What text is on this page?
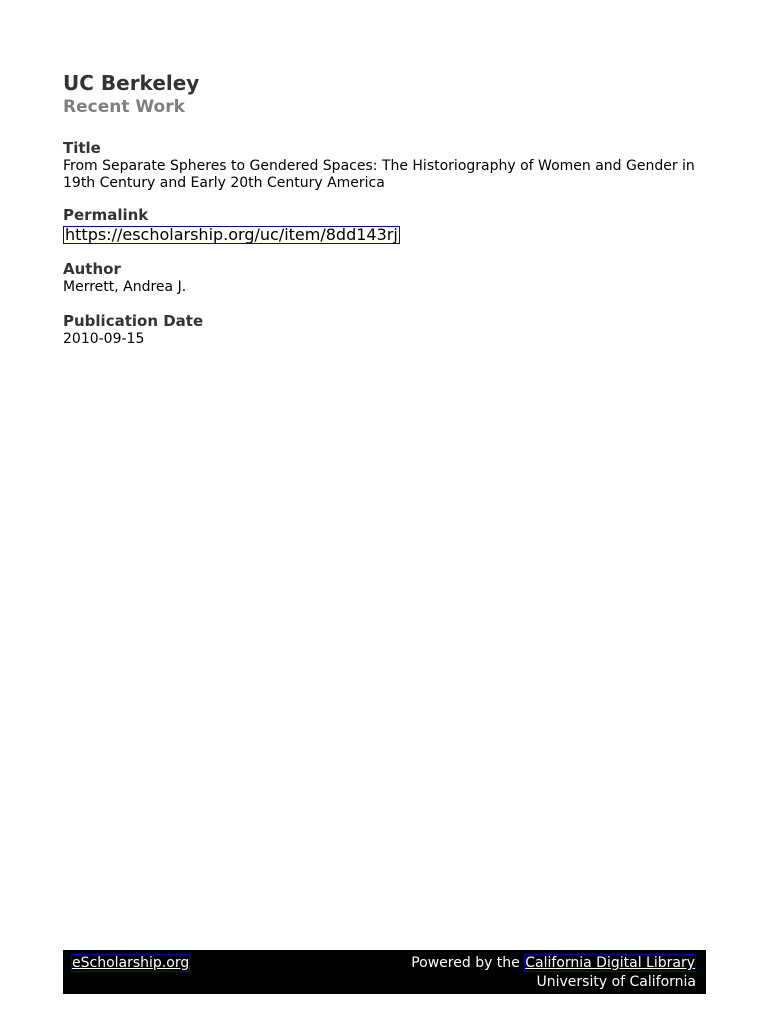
UC Berkeley

Recent Work

Title

From Separate Spheres to Gendered Spaces: The Historiography of Women and Gender in 19th Century and Early 20th Century America

Permalink

https://escholarship.org/uc/item/8dd143rj

Author

Merrett, Andrea J.

Publication Date

2010-09-15

eScholarship.org	Powered by the California Digital Library
University of California
